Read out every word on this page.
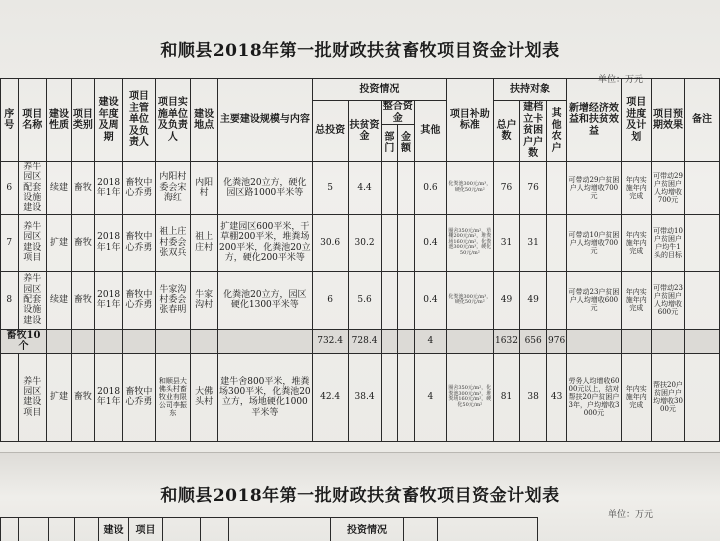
和顺县2018年第一批财政扶贫畜牧项目资金计划表
单位：万元
序号	项目名称	建设性质	项目类别	建设年度及周期	项目主管单位及负责人	项目实施单位及负责人	建设地点	主要建设规模与内容	投资情况					项目补助标准	扶持对象			新增经济效益和扶贫效益	项目进度及计划	项目预期效果	备注
									总投资	扶贫资金	整合资金		其他		总户数	建档立卡贫困户户数	其他农户				
											部门	金额									
6	养牛园区配套设施建设	续建	畜牧	2018年1年	畜牧中心乔勇	内阳村委会宋海红	内阳村	化粪池20立方，硬化园区路1000平米等	5	4.4			0.6	化粪池300元/m³，硬化50元/m²	76	76		可带动29户贫困户人均增收700元	年内实施年内完成	可带动29户贫困户人均增收700元	
7	养牛园区建设项目	扩建	畜牧	2018年1年	畜牧中心乔勇	祖上庄村委会张双兵	祖上庄村	扩建园区600平米，干草棚200平米，堆粪场200平米，化粪池20立方，硬化200平米等	30.6	30.2			0.4	圈舍350元/m²，草棚200元/m²，堆粪场160元/m²，化粪池300元/m³，硬化50元/m²	31	31		可带动10户贫困户人均增收700元	年内实施年内完成	可带动10户贫困户户均牛1头的目标	
8	养牛园区配套设施建设	续建	畜牧	2018年1年	畜牧中心乔勇	牛家沟村委会张春明	牛家沟村	化粪池20立方，园区硬化1300平米等	6	5.6			0.4	化粪池300元/m³，硬化50元/m²	49	49		可带动23户贫困户人均增收600元	年内实施年内完成	可带动23户贫困户人均增收600元	
畜牧10个									732.4	728.4			4		1632	656	976				
	养牛园区建设项目	扩建	畜牧	2018年1年	畜牧中心乔勇	和顺县大佛头村畜牧业有限公司李振东	大佛头村	建牛舍800平米，堆粪场300平米，化粪池20立方，场地硬化1000平米等	42.4	38.4			4	圈舍350元/m²，化粪池300元/m³，堆粪场160元/m²，硬化50元/m²	81	38	43	劳务人均增收6000元以上，结对帮扶20户贫困户3年，户均增收3000元	年内实施年内完成	帮扶20户贫困户户均增收3000元	
和顺县2018年第一批财政扶贫畜牧项目资金计划表
单位：万元
				建设	项目				投资情况		
